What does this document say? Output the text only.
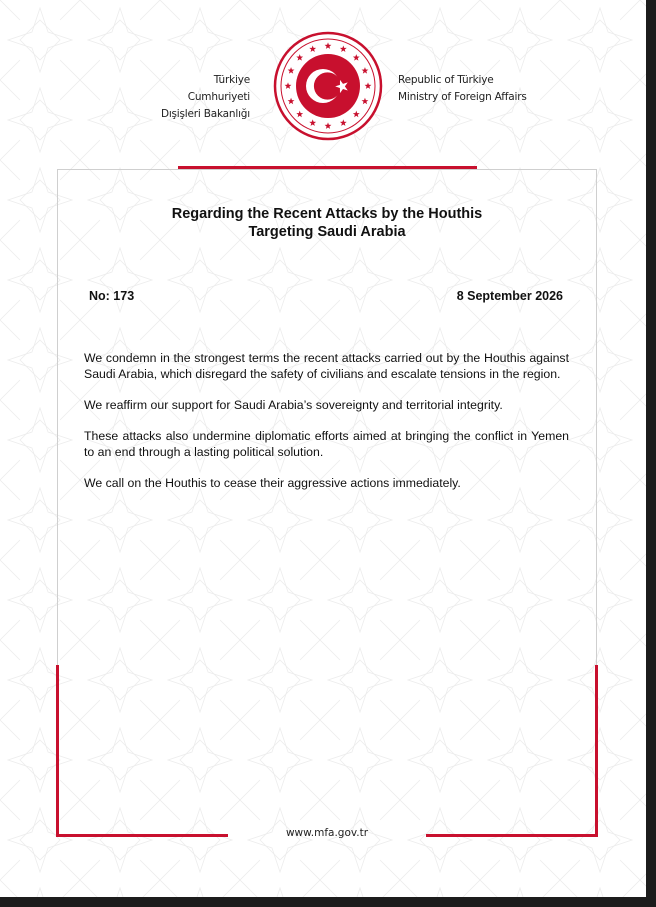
Türkiye Cumhuriyeti
Dışişleri Bakanlığı
Republic of Türkiye
Ministry of Foreign Affairs
Regarding the Recent Attacks by the Houthis
Targeting Saudi Arabia
No: 173	8 September 2026

We condemn in the strongest terms the recent attacks carried out by the Houthis against Saudi Arabia, which disregard the safety of civilians and escalate tensions in the region.

We reaffirm our support for Saudi Arabia’s sovereignty and territorial integrity.

These attacks also undermine diplomatic efforts aimed at bringing the conflict in Yemen to an end through a lasting political solution.

We call on the Houthis to cease their aggressive actions immediately.

www.mfa.gov.tr
